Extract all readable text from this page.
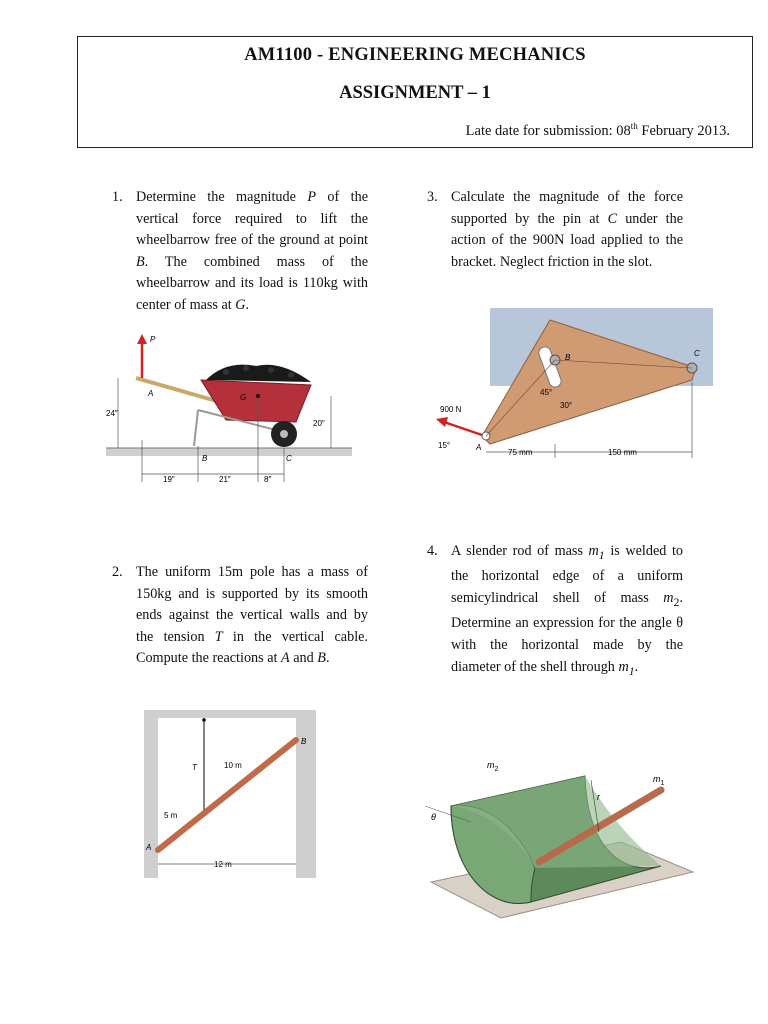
AM1100 - ENGINEERING MECHANICS
ASSIGNMENT – 1
Late date for submission: 08th February 2013.
1. Determine the magnitude P of the vertical force required to lift the wheelbarrow free of the ground at point B. The combined mass of the wheelbarrow and its load is 110kg with center of mass at G.
3. Calculate the magnitude of the force supported by the pin at C under the action of the 900N load applied to the bracket. Neglect friction in the slot.
2. The uniform 15m pole has a mass of 150kg and is supported by its smooth ends against the vertical walls and by the tension T in the vertical cable. Compute the reactions at A and B.
4. A slender rod of mass $m_1$ is welded to the horizontal edge of a uniform semicylindrical shell of mass $m_2$. Determine an expression for the angle θ with the horizontal made by the diameter of the shell through $m_1$.
P
A	G
24″
20″
B	C
19″	21″	8″
B	C
45°
30°
900 N
15°	A
75 mm	150 mm
T	10 m
5 m
B
A
12 m
θ
$m_2$
$m_1$
r
